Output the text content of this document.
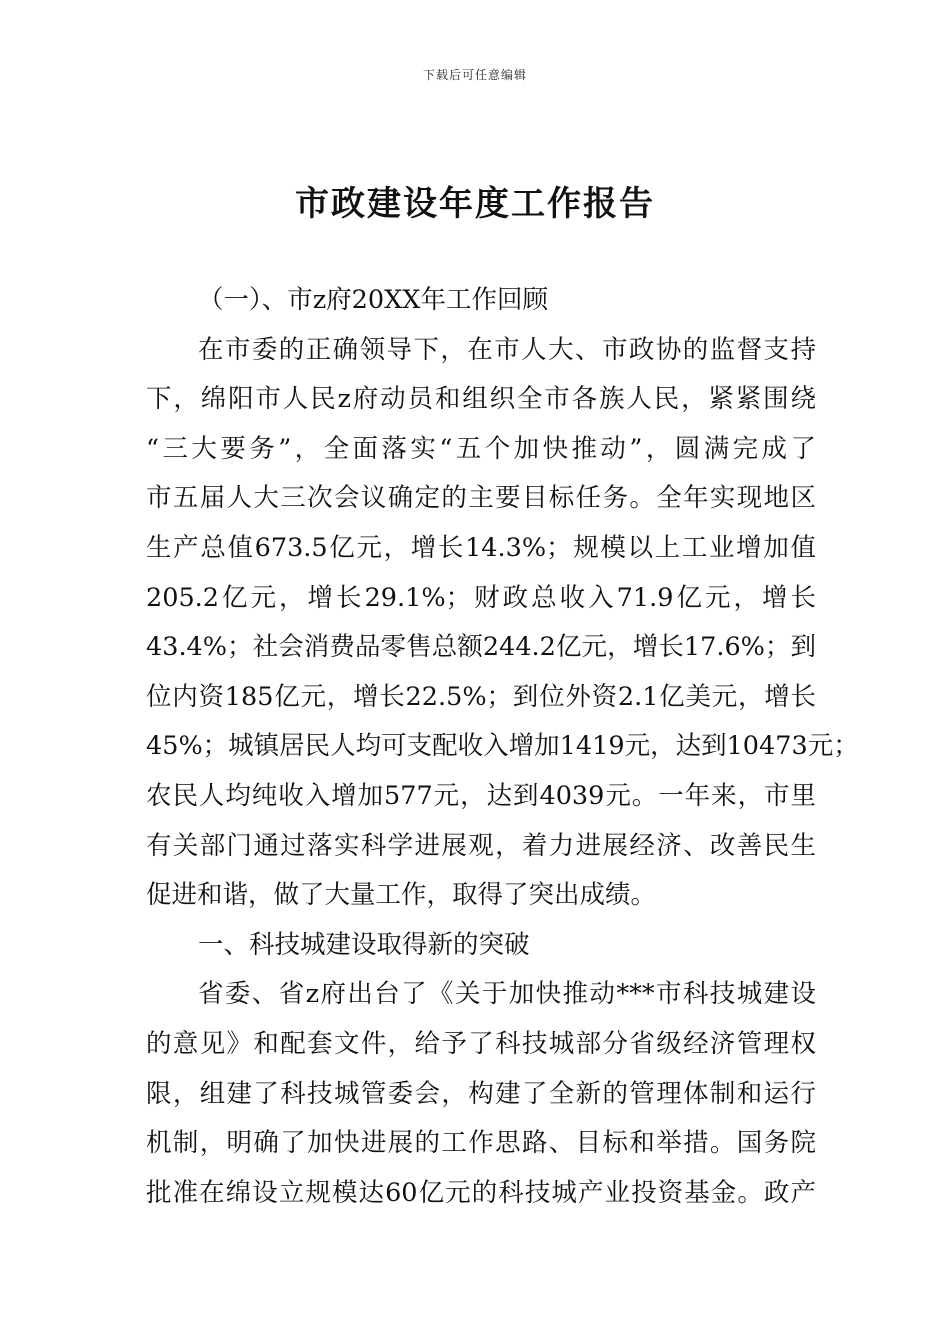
下载后可任意编辑
市政建设年度工作报告
（一）、市z府20XX年工作回顾
在市委的正确领导下，在市人大、市政协的监督支持
下，绵阳市人民z府动员和组织全市各族人民，紧紧围绕
“三大要务”，全面落实“五个加快推动”，圆满完成了
市五届人大三次会议确定的主要目标任务。全年实现地区
生产总值673.5亿元，增长14.3%；规模以上工业增加值
205.2亿元，增长29.1%；财政总收入71.9亿元，增长
43.4%；社会消费品零售总额244.2亿元，增长17.6%；到
位内资185亿元，增长22.5%；到位外资2.1亿美元，增长
45%；城镇居民人均可支配收入增加1419元，达到10473元；
农民人均纯收入增加577元，达到4039元。一年来，市里
有关部门通过落实科学进展观，着力进展经济、改善民生
促进和谐，做了大量工作，取得了突出成绩。
一、科技城建设取得新的突破
省委、省z府出台了《关于加快推动***市科技城建设
的意见》和配套文件，给予了科技城部分省级经济管理权
限，组建了科技城管委会，构建了全新的管理体制和运行
机制，明确了加快进展的工作思路、目标和举措。国务院
批准在绵设立规模达60亿元的科技城产业投资基金。政产
